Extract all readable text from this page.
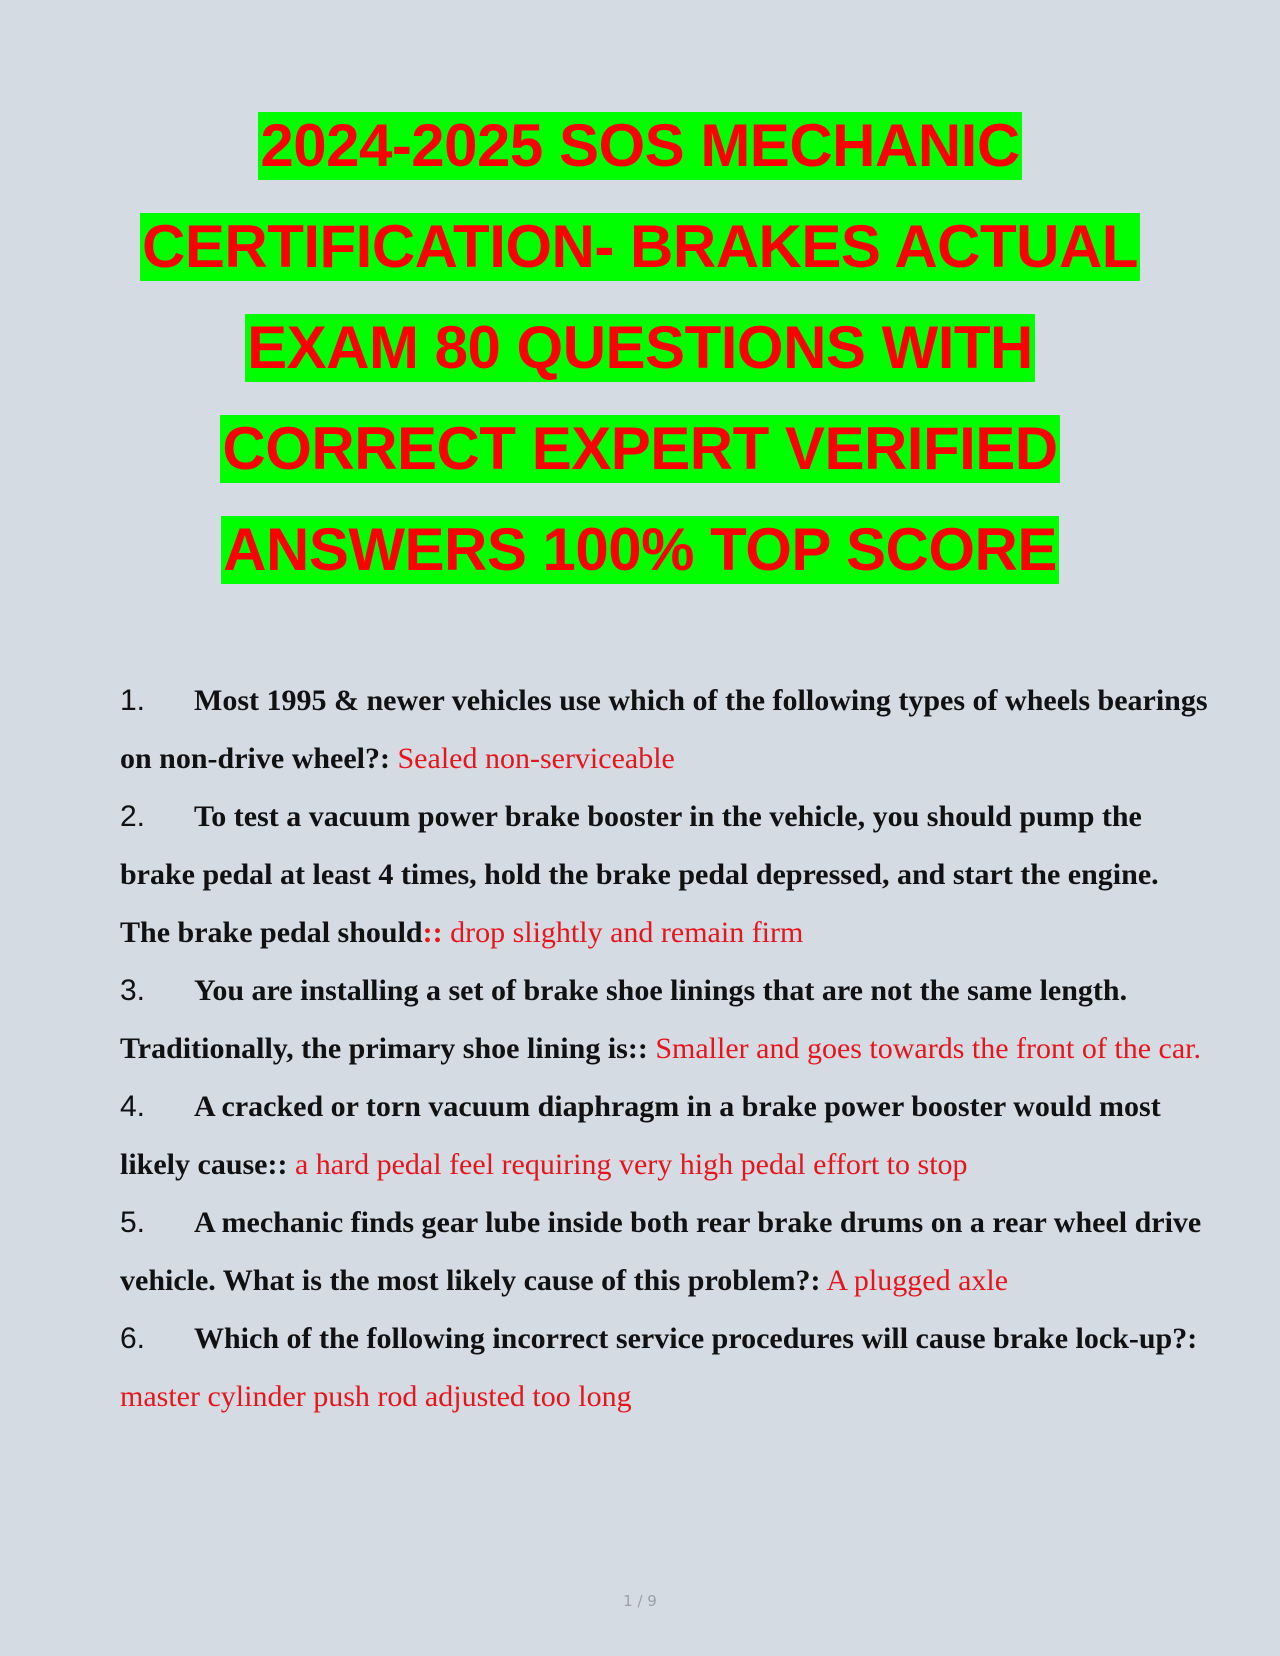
2024-2025 SOS MECHANIC
CERTIFICATION- BRAKES ACTUAL
EXAM 80 QUESTIONS WITH
CORRECT EXPERT VERIFIED
ANSWERS 100% TOP SCORE

1. Most 1995 & newer vehicles use which of the following types of wheels bearings on non-drive wheel?: Sealed non-serviceable

2. To test a vacuum power brake booster in the vehicle, you should pump the brake pedal at least 4 times, hold the brake pedal depressed, and start the engine. The brake pedal should:: drop slightly and remain firm

3. You are installing a set of brake shoe linings that are not the same length. Traditionally, the primary shoe lining is:: Smaller and goes towards the front of the car.

4. A cracked or torn vacuum diaphragm in a brake power booster would most likely cause:: a hard pedal feel requiring very high pedal effort to stop

5. A mechanic finds gear lube inside both rear brake drums on a rear wheel drive vehicle. What is the most likely cause of this problem?: A plugged axle

6. Which of the following incorrect service procedures will cause brake lock-up?: master cylinder push rod adjusted too long

1 / 9
